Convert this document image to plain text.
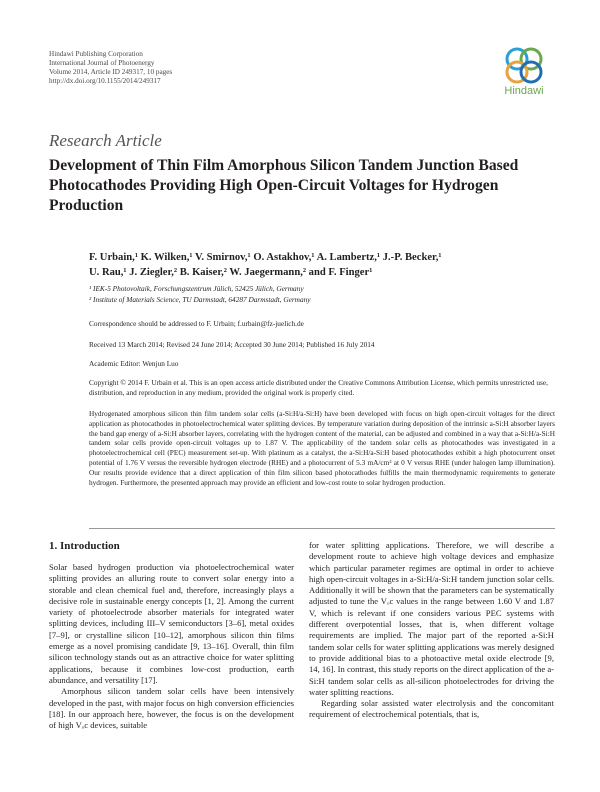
Hindawi Publishing Corporation
International Journal of Photoenergy
Volume 2014, Article ID 249317, 10 pages
http://dx.doi.org/10.1155/2014/249317
Hindawi
Research Article
Development of Thin Film Amorphous Silicon Tandem Junction Based Photocathodes Providing High Open-Circuit Voltages for Hydrogen Production
F. Urbain,¹ K. Wilken,¹ V. Smirnov,¹ O. Astakhov,¹ A. Lambertz,¹ J.-P. Becker,¹
U. Rau,¹ J. Ziegler,² B. Kaiser,² W. Jaegermann,² and F. Finger¹
¹ IEK-5 Photovoltaik, Forschungszentrum Jülich, 52425 Jülich, Germany
² Institute of Materials Science, TU Darmstadt, 64287 Darmstadt, Germany
Correspondence should be addressed to F. Urbain; f.urbain@fz-juelich.de
Received 13 March 2014; Revised 24 June 2014; Accepted 30 June 2014; Published 16 July 2014
Academic Editor: Wenjun Luo
Copyright © 2014 F. Urbain et al. This is an open access article distributed under the Creative Commons Attribution License, which permits unrestricted use, distribution, and reproduction in any medium, provided the original work is properly cited.
Hydrogenated amorphous silicon thin film tandem solar cells (a-Si:H/a-Si:H) have been developed with focus on high open-circuit voltages for the direct application as photocathodes in photoelectrochemical water splitting devices. By temperature variation during deposition of the intrinsic a-Si:H absorber layers the band gap energy of a-Si:H absorber layers, correlating with the hydrogen content of the material, can be adjusted and combined in a way that a-Si:H/a-Si:H tandem solar cells provide open-circuit voltages up to 1.87 V. The applicability of the tandem solar cells as photocathodes was investigated in a photoelectrochemical cell (PEC) measurement set-up. With platinum as a catalyst, the a-Si:H/a-Si:H based photocathodes exhibit a high photocurrent onset potential of 1.76 V versus the reversible hydrogen electrode (RHE) and a photocurrent of 5.3 mA/cm² at 0 V versus RHE (under halogen lamp illumination). Our results provide evidence that a direct application of thin film silicon based photocathodes fulfills the main thermodynamic requirements to generate hydrogen. Furthermore, the presented approach may provide an efficient and low-cost route to solar hydrogen production.
1. Introduction

Solar based hydrogen production via photoelectrochemical water splitting provides an alluring route to convert solar energy into a storable and clean chemical fuel and, therefore, increasingly plays a decisive role in sustainable energy concepts [1, 2]. Among the current variety of photoelectrode absorber materials for integrated water splitting devices, including III–V semiconductors [3–6], metal oxides [7–9], or crystalline silicon [10–12], amorphous silicon thin films emerge as a novel promising candidate [9, 13–16]. Overall, thin film silicon technology stands out as an attractive choice for water splitting applications, because it combines low-cost production, earth abundance, and versatility [17].

Amorphous silicon tandem solar cells have been intensively developed in the past, with major focus on high conversion efficiencies [18]. In our approach here, however, the focus is on the development of high Vₒc devices, suitable

for water splitting applications. Therefore, we will describe a development route to achieve high voltage devices and emphasize which particular parameter regimes are optimal in order to achieve high open-circuit voltages in a-Si:H/a-Si:H tandem junction solar cells. Additionally it will be shown that the parameters can be systematically adjusted to tune the Vₒc values in the range between 1.60 V and 1.87 V, which is relevant if one considers various PEC systems with different overpotential losses, that is, when different voltage requirements are implied. The major part of the reported a-Si:H tandem solar cells for water splitting applications was merely designed to provide additional bias to a photoactive metal oxide electrode [9, 14, 16]. In contrast, this study reports on the direct application of the a-Si:H tandem solar cells as all-silicon photoelectrodes for driving the water splitting reactions.

Regarding solar assisted water electrolysis and the concomitant requirement of electrochemical potentials, that is,
